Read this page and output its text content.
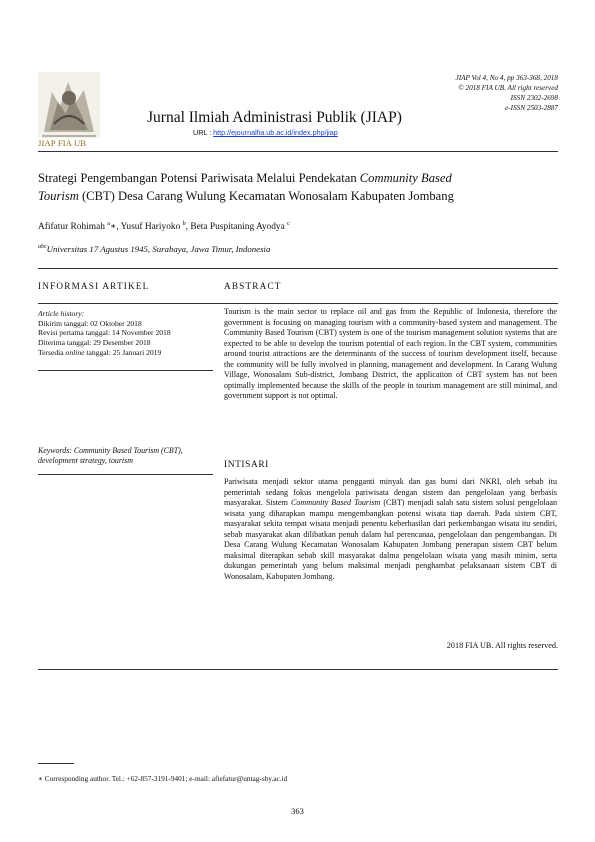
JIAP FIA UB
Jurnal Ilmiah Administrasi Publik (JIAP)
URL : http://ejournalfia.ub.ac.id/index.php/jiap
JIAP Vol 4, No 4, pp 363-368, 2018
© 2018 FIA UB. All right reserved
ISSN 2302-2698
e-ISSN 2503-2887
Strategi Pengembangan Potensi Pariwisata Melalui Pendekatan Community Based
Tourism (CBT) Desa Carang Wulung Kecamatan Wonosalam Kabupaten Jombang
Afifatur Rohimah $^a$∗, Yusuf Hariyoko $^b$, Beta Puspitaning Ayodya $^c$
$^{abc}$Universitas 17 Agustus 1945, Surabaya, Jawa Timur, Indonesia
INFORMASI ARTIKEL	ABSTRACT
Article history:
Dikirim tanggal: 02 Oktober 2018
Revisi pertama tanggal: 14 November 2018
Diterima tanggal: 29 Desember 2018
Tersedia online tanggal: 25 Januari 2019
Keywords: Community Based Tourism (CBT), development strategy, tourism
Tourism is the main sector to replace oil and gas from the Republic of Indonesia, therefore the government is focusing on managing tourism with a community-based system and management. The Community Based Tourism (CBT) system is one of the tourism management solution systems that are expected to be able to develop the tourism potential of each region. In the CBT system, communities around tourist attractions are the determinants of the success of tourism development itself, because the community will be fully involved in planning, management and development. In Carang Wulung Village, Wonosalam Sub-district, Jombang District, the application of CBT system has not been optimally implemented because the skills of the people in tourism management are still minimal, and government support is not optimal.
INTISARI
Pariwisata menjadi sektor utama pengganti minyak dan gas bumi dari NKRI, oleh sebab itu pemerintah sedang fokus mengelola pariwisata dengan sistem dan pengelolaan yang berbasis masyarakat. Sistem Community Based Tourism (CBT) menjadi salah satu sistem solusi pengelolaan wisata yang diharapkan mampu mengembangkan potensi wisata tiap daerah. Pada sistem CBT, masyarakat sekita tempat wisata menjadi penentu keberhasilan dari perkembangan wisata itu sendiri, sebab masyarakat akan dilibatkan penuh dalam hal perencanaa, pengelolaan dan pengembangan. Di Desa Carang Wulung Kecamatan Wonosalam Kabupaten Jombang penerapan sistem CBT belum maksimal diterapkan sebab skill masyarakat dalma pengelolaan wisata yang masih minim, serta dukungan pemerintah yang belum maksimal menjadi penghambat pelaksanaan sistem CBT di Wonosalam, Kabupaten Jombang.
2018 FIA UB. All rights reserved.
∗ Corresponding author. Tel.: +62-857-3191-9401; e-mail: afiefatur@untag-sby.ac.id
363
